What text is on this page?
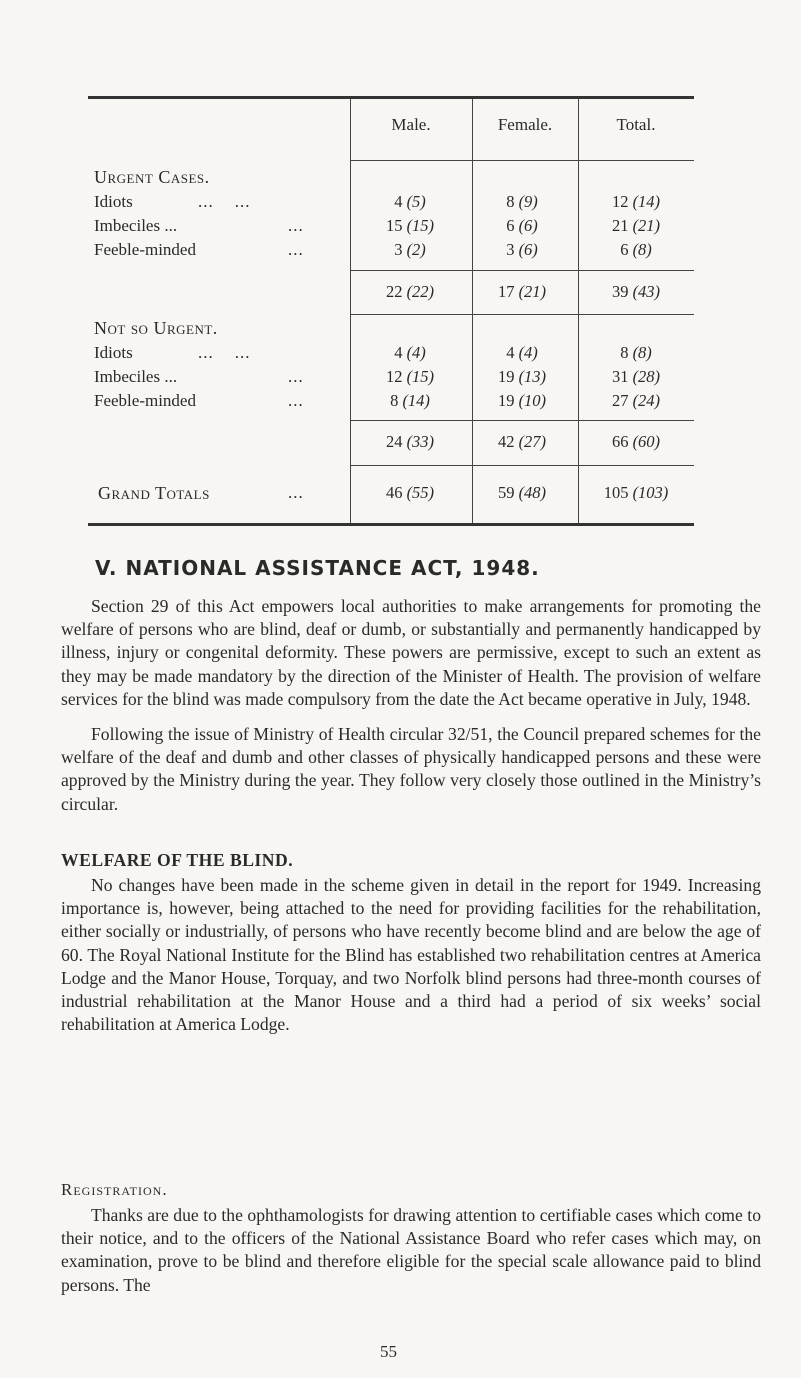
Male.	Female.	Total.
Urgent Cases.
Idiots	...    ...	4 (5)	8 (9)	12 (14)
Imbeciles ...	...	15 (15)	6 (6)	21 (21)
Feeble-minded	...	3 (2)	3 (6)	6 (8)
22 (22)	17 (21)	39 (43)
Not so Urgent.
Idiots	...    ...	4 (4)	4 (4)	8 (8)
Imbeciles ...	...	12 (15)	19 (13)	31 (28)
Feeble-minded	...	8 (14)	19 (10)	27 (24)
24 (33)	42 (27)	66 (60)
Grand Totals	...	46 (55)	59 (48)	105 (103)
V. NATIONAL ASSISTANCE ACT, 1948.

Section 29 of this Act empowers local authorities to make arrangements for promoting the welfare of persons who are blind, deaf or dumb, or substantially and permanently handicapped by illness, injury or congenital deformity. These powers are permissive, except to such an extent as they may be made mandatory by the direction of the Minister of Health. The provision of welfare services for the blind was made compulsory from the date the Act became operative in July, 1948.

Following the issue of Ministry of Health circular 32/51, the Council prepared schemes for the welfare of the deaf and dumb and other classes of physically handicapped persons and these were approved by the Ministry during the year. They follow very closely those outlined in the Ministry’s circular.

WELFARE OF THE BLIND.

No changes have been made in the scheme given in detail in the report for 1949. Increasing importance is, however, being attached to the need for providing facilities for the rehabilitation, either socially or industrially, of persons who have recently become blind and are below the age of 60. The Royal National Institute for the Blind has established two rehabilitation centres at America Lodge and the Manor House, Torquay, and two Norfolk blind persons had three-month courses of industrial rehabilitation at the Manor House and a third had a period of six weeks’ social rehabilitation at America Lodge.

Registration.

Thanks are due to the ophthamologists for drawing attention to certifiable cases which come to their notice, and to the officers of the National Assistance Board who refer cases which may, on examination, prove to be blind and therefore eligible for the special scale allowance paid to blind persons. The

55
